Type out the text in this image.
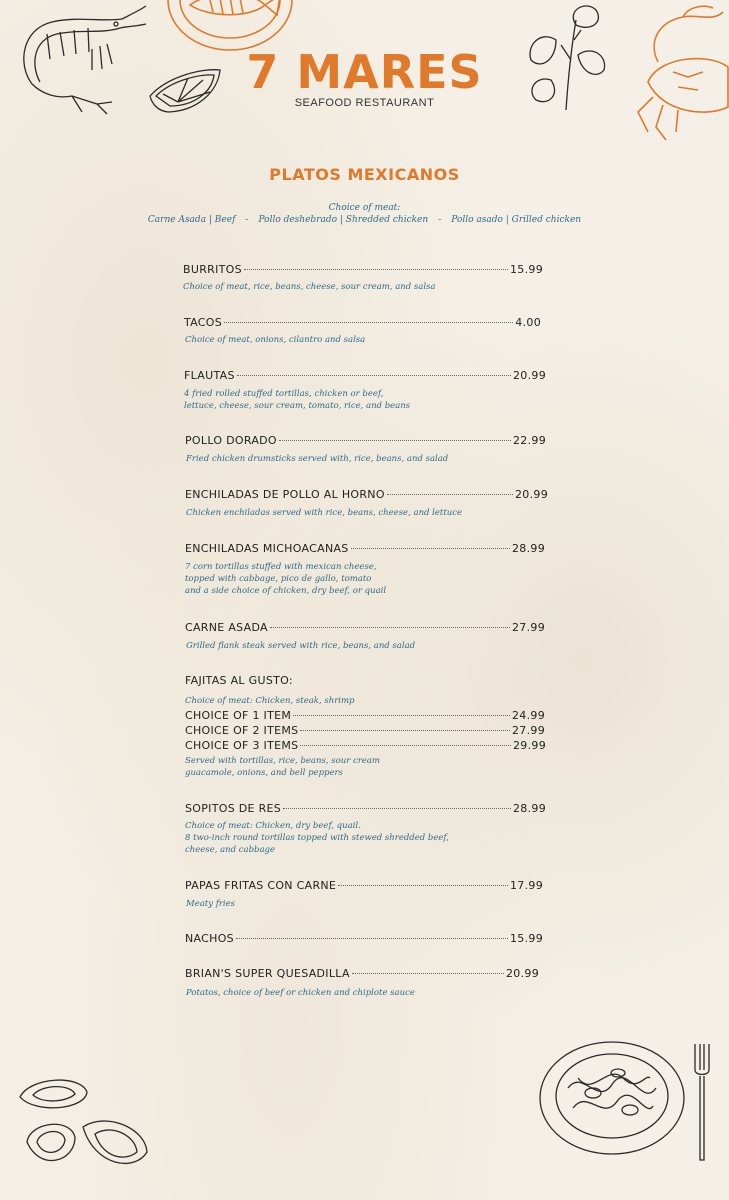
7 MARES
SEAFOOD RESTAURANT
PLATOS MEXICANOS
Choice of meat:
Carne Asada | Beef - Pollo deshebrado | Shredded chicken - Pollo asado | Grilled chicken
BURRITOS	15.99
Choice of meat, rice, beans, cheese, sour cream, and salsa
TACOS	4.00
Choice of meat, onions, cilantro and salsa
FLAUTAS	20.99
4 fried rolled stuffed tortillas, chicken or beef,
lettuce, cheese, sour cream, tomato, rice, and beans
POLLO DORADO	22.99
Fried chicken drumsticks served with, rice, beans, and salad
ENCHILADAS DE POLLO AL HORNO	20.99
Chicken enchiladas served with rice, beans, cheese, and lettuce
ENCHILADAS MICHOACANAS	28.99
7 corn tortillas stuffed with mexican cheese,
topped with cabbage, pico de gallo, tomato
and a side choice of chicken, dry beef, or quail
CARNE ASADA	27.99
Grilled flank steak served with rice, beans, and salad
FAJITAS AL GUSTO:
Choice of meat: Chicken, steak, shrimp
CHOICE OF 1 ITEM	24.99
CHOICE OF 2 ITEMS	27.99
CHOICE OF 3 ITEMS	29.99
Served with tortillas, rice, beans, sour cream
guacamole, onions, and bell peppers
SOPITOS DE RES	28.99
Choice of meat: Chicken, dry beef, quail.
8 two-inch round tortillas topped with stewed shredded beef,
cheese, and cabbage
PAPAS FRITAS CON CARNE	17.99
Meaty fries
NACHOS	15.99
BRIAN'S SUPER QUESADILLA	20.99
Potatos, choice of beef or chicken and chiplote sauce
